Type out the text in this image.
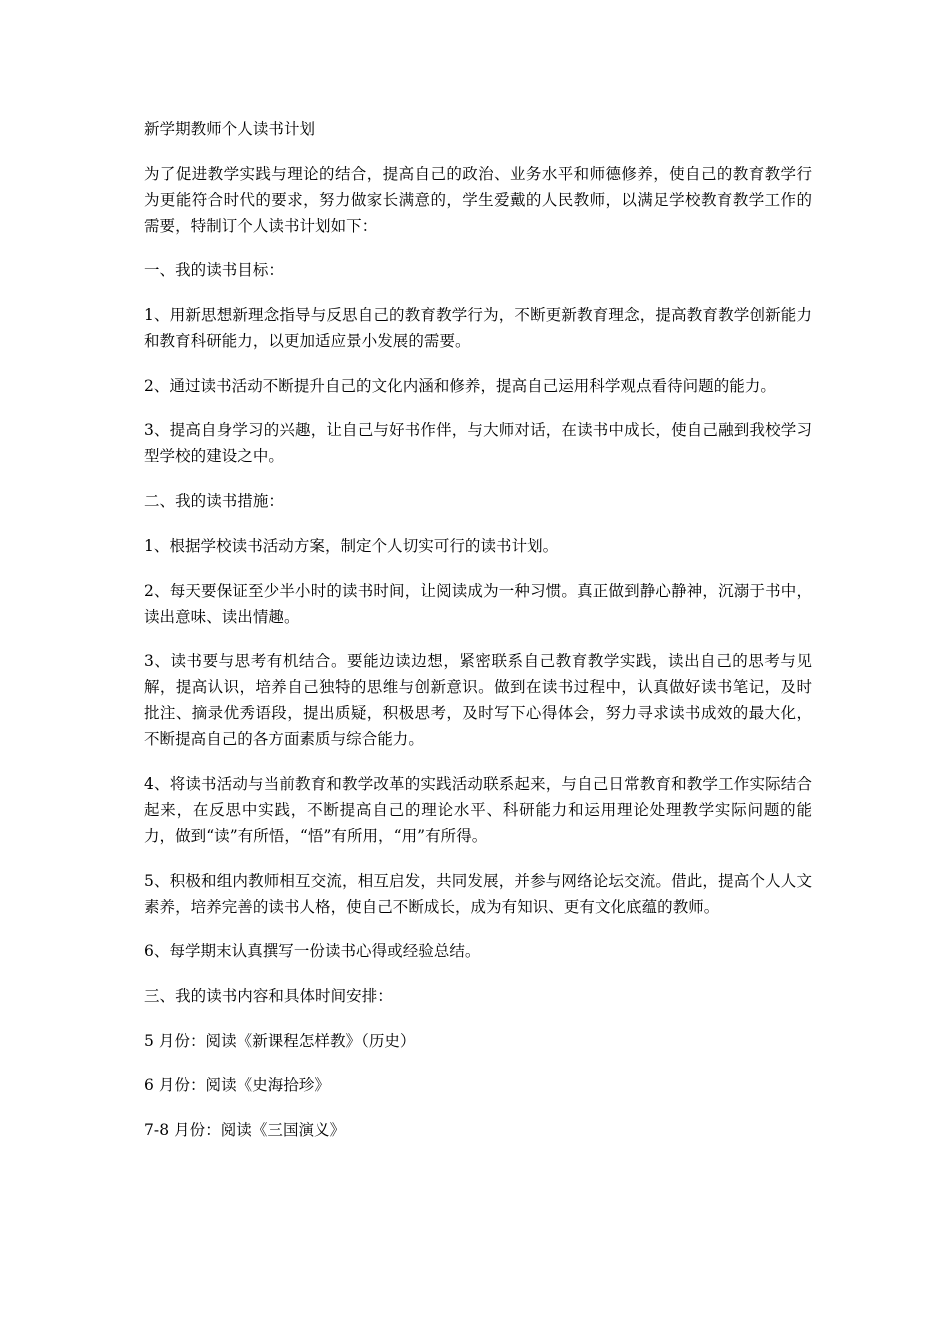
新学期教师个人读书计划

为了促进教学实践与理论的结合，提高自己的政治、业务水平和师德修养，使自己的教育教学行为更能符合时代的要求，努力做家长满意的，学生爱戴的人民教师，以满足学校教育教学工作的需要，特制订个人读书计划如下：

一、我的读书目标：

1、用新思想新理念指导与反思自己的教育教学行为，不断更新教育理念，提高教育教学创新能力和教育科研能力，以更加适应景小发展的需要。

2、通过读书活动不断提升自己的文化内涵和修养，提高自己运用科学观点看待问题的能力。

3、提高自身学习的兴趣，让自己与好书作伴，与大师对话，在读书中成长，使自己融到我校学习型学校的建设之中。

二、我的读书措施：

1、根据学校读书活动方案，制定个人切实可行的读书计划。

2、每天要保证至少半小时的读书时间，让阅读成为一种习惯。真正做到静心静神，沉溺于书中，读出意味、读出情趣。

3、读书要与思考有机结合。要能边读边想，紧密联系自己教育教学实践，读出自己的思考与见解，提高认识，培养自己独特的思维与创新意识。做到在读书过程中，认真做好读书笔记，及时批注、摘录优秀语段，提出质疑，积极思考，及时写下心得体会，努力寻求读书成效的最大化，不断提高自己的各方面素质与综合能力。

4、将读书活动与当前教育和教学改革的实践活动联系起来，与自己日常教育和教学工作实际结合起来，在反思中实践，不断提高自己的理论水平、科研能力和运用理论处理教学实际问题的能力，做到“读”有所悟，“悟”有所用，“用”有所得。

5、积极和组内教师相互交流，相互启发，共同发展，并参与网络论坛交流。借此，提高个人人文素养，培养完善的读书人格，使自己不断成长，成为有知识、更有文化底蕴的教师。

6、每学期末认真撰写一份读书心得或经验总结。

三、我的读书内容和具体时间安排：

5 月份：阅读《新课程怎样教》（历史）

6 月份：阅读《史海拾珍》

7-8 月份：阅读《三国演义》
